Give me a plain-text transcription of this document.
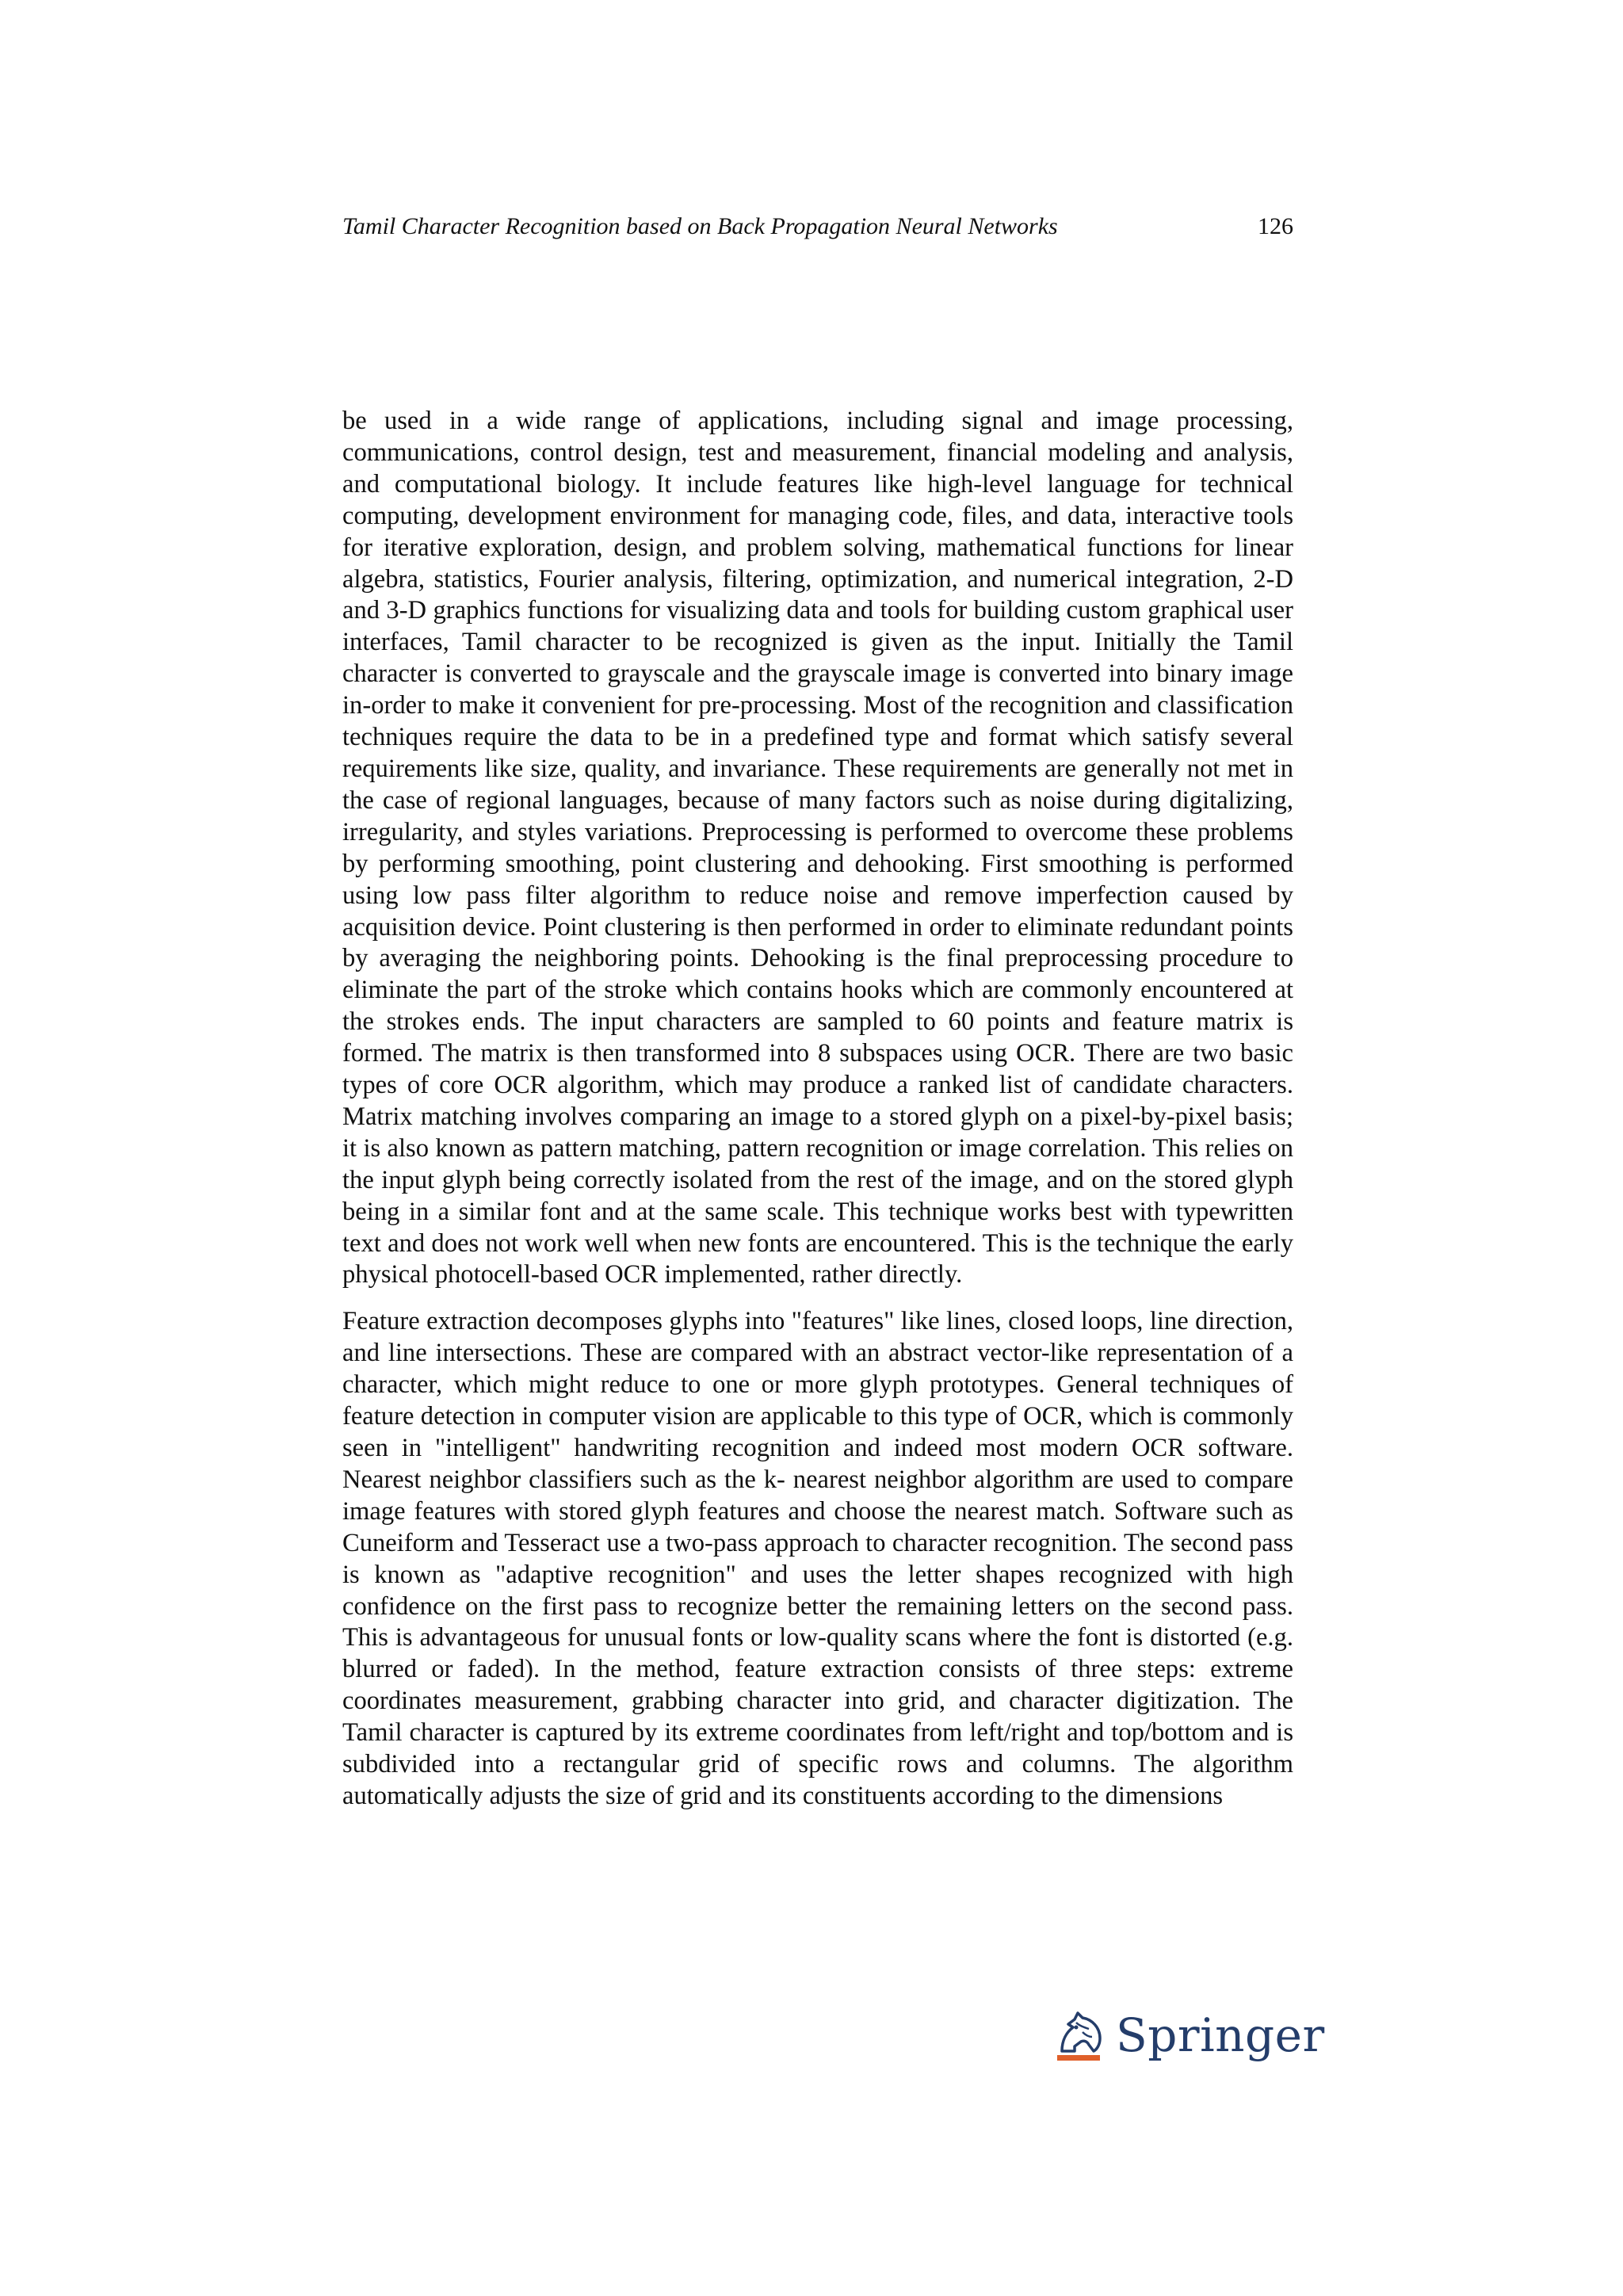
Tamil Character Recognition based on Back Propagation Neural Networks	126

be used in a wide range of applications, including signal and image processing, communications, control design, test and measurement, financial modeling and analysis, and computational biology. It include features like high-level language for technical computing, development environment for managing code, files, and data, interactive tools for iterative exploration, design, and problem solving, mathematical functions for linear algebra, statistics, Fourier analysis, filtering, optimization, and numerical integration, 2-D and 3-D graphics functions for visualizing data and tools for building custom graphical user interfaces, Tamil character to be recognized is given as the input. Initially the Tamil character is converted to grayscale and the grayscale image is converted into binary image in-order to make it convenient for pre-processing. Most of the recognition and classification techniques require the data to be in a predefined type and format which satisfy several requirements like size, quality, and invariance. These requirements are generally not met in the case of regional languages, because of many factors such as noise during digitalizing, irregularity, and styles variations. Preprocessing is performed to overcome these problems by performing smoothing, point clustering and dehooking. First smoothing is performed using low pass filter algorithm to reduce noise and remove imperfection caused by acquisition device. Point clustering is then performed in order to eliminate redundant points by averaging the neighboring points. Dehooking is the final preprocessing procedure to eliminate the part of the stroke which contains hooks which are commonly encountered at the strokes ends. The input characters are sampled to 60 points and feature matrix is formed. The matrix is then transformed into 8 subspaces using OCR. There are two basic types of core OCR algorithm, which may produce a ranked list of candidate characters. Matrix matching involves comparing an image to a stored glyph on a pixel-by-pixel basis; it is also known as pattern matching, pattern recognition or image correlation. This relies on the input glyph being correctly isolated from the rest of the image, and on the stored glyph being in a similar font and at the same scale. This technique works best with typewritten text and does not work well when new fonts are encountered. This is the technique the early physical photocell-based OCR implemented, rather directly.

Feature extraction decomposes glyphs into "features" like lines, closed loops, line direction, and line intersections. These are compared with an abstract vector-like representation of a character, which might reduce to one or more glyph prototypes. General techniques of feature detection in computer vision are applicable to this type of OCR, which is commonly seen in "intelligent" handwriting recognition and indeed most modern OCR software. Nearest neighbor classifiers such as the k- nearest neighbor algorithm are used to compare image features with stored glyph features and choose the nearest match. Software such as Cuneiform and Tesseract use a two-pass approach to character recognition. The second pass is known as "adaptive recognition" and uses the letter shapes recognized with high confidence on the first pass to recognize better the remaining letters on the second pass. This is advantageous for unusual fonts or low-quality scans where the font is distorted (e.g. blurred or faded). In the method, feature extraction consists of three steps: extreme coordinates measurement, grabbing character into grid, and character digitization. The Tamil character is captured by its extreme coordinates from left/right and top/bottom and is subdivided into a rectangular grid of specific rows and columns. The algorithm automatically adjusts the size of grid and its constituents according to the dimensions

Springer
